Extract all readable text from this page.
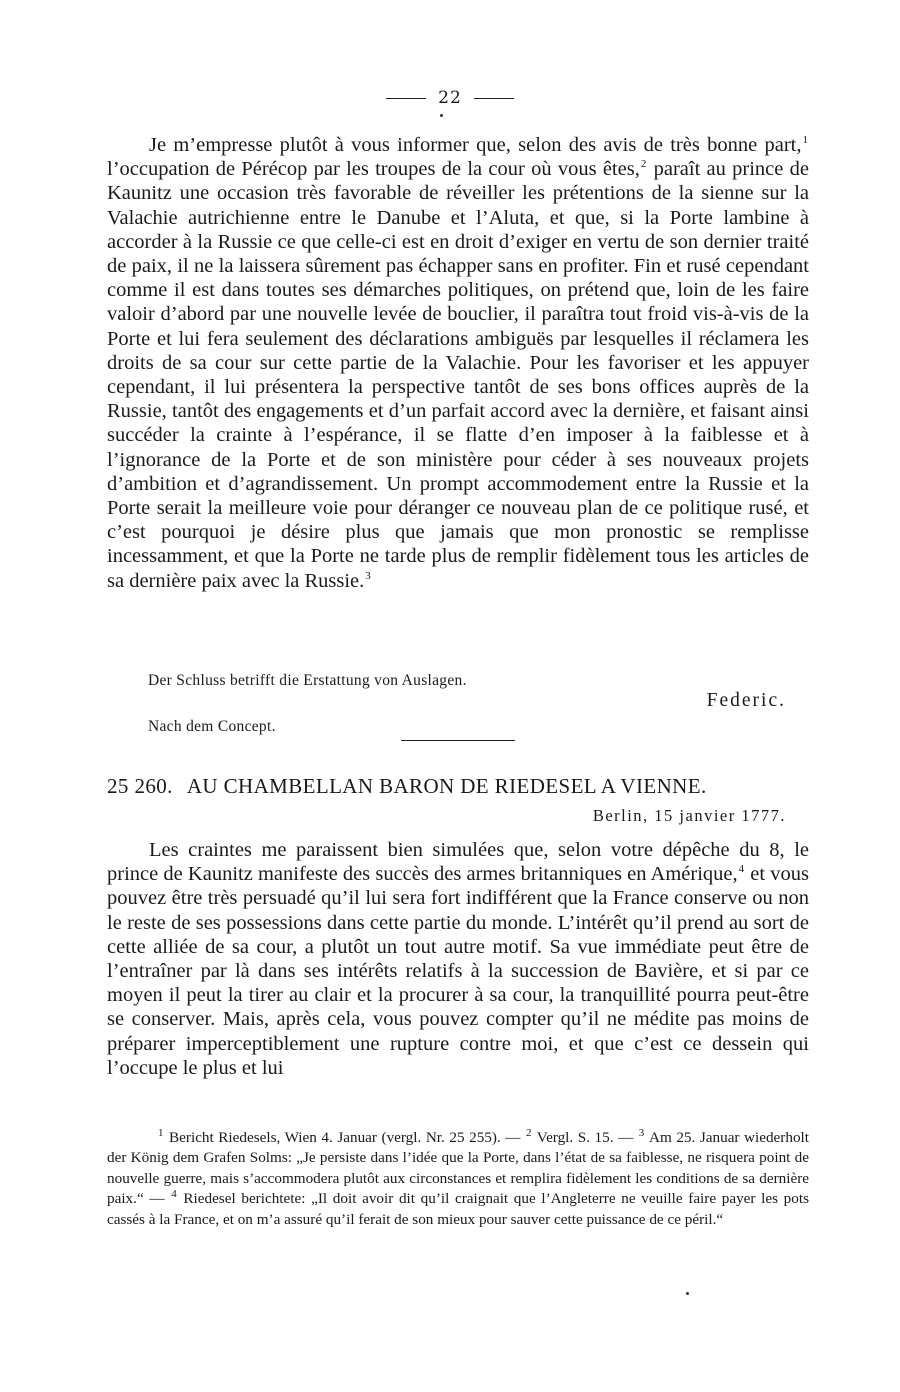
22

Je m’empresse plutôt à vous informer que, selon des avis de très bonne part,$^1$ l’occupation de Pérécop par les troupes de la cour où vous êtes,$^2$ paraît au prince de Kaunitz une occasion très favorable de réveiller les prétentions de la sienne sur la Valachie autrichienne entre le Danube et l’Aluta, et que, si la Porte lambine à accorder à la Russie ce que celle-ci est en droit d’exiger en vertu de son dernier traité de paix, il ne la laissera sûrement pas échapper sans en profiter. Fin et rusé cependant comme il est dans toutes ses démarches politiques, on prétend que, loin de les faire valoir d’abord par une nouvelle levée de bouclier, il paraîtra tout froid vis-à-vis de la Porte et lui fera seulement des déclarations ambiguës par lesquelles il réclamera les droits de sa cour sur cette partie de la Valachie. Pour les favoriser et les appuyer cependant, il lui présentera la perspective tantôt de ses bons offices auprès de la Russie, tantôt des engagements et d’un parfait accord avec la dernière, et faisant ainsi succéder la crainte à l’espérance, il se flatte d’en imposer à la faiblesse et à l’ignorance de la Porte et de son ministère pour céder à ses nouveaux projets d’ambition et d’agrandissement. Un prompt accommodement entre la Russie et la Porte serait la meilleure voie pour déranger ce nouveau plan de ce politique rusé, et c’est pourquoi je désire plus que jamais que mon pronostic se remplisse incessamment, et que la Porte ne tarde plus de remplir fidèlement tous les articles de sa dernière paix avec la Russie.$^3$

Der Schluss betrifft die Erstattung von Auslagen.
Federic.
Nach dem Concept.
25 260. AU CHAMBELLAN BARON DE RIEDESEL A VIENNE.
Berlin, 15 janvier 1777.

Les craintes me paraissent bien simulées que, selon votre dépêche du 8, le prince de Kaunitz manifeste des succès des armes britanniques en Amérique,$^4$ et vous pouvez être très persuadé qu’il lui sera fort indifférent que la France conserve ou non le reste de ses possessions dans cette partie du monde. L’intérêt qu’il prend au sort de cette alliée de sa cour, a plutôt un tout autre motif. Sa vue immédiate peut être de l’entraîner par là dans ses intérêts relatifs à la succession de Bavière, et si par ce moyen il peut la tirer au clair et la procurer à sa cour, la tranquillité pourra peut-être se conserver. Mais, après cela, vous pouvez compter qu’il ne médite pas moins de préparer imperceptiblement une rupture contre moi, et que c’est ce dessein qui l’occupe le plus et lui

$^1$ Bericht Riedesels, Wien 4. Januar (vergl. Nr. 25 255). — $^2$ Vergl. S. 15. — $^3$ Am 25. Januar wiederholt der König dem Grafen Solms: „Je persiste dans l’idée que la Porte, dans l’état de sa faiblesse, ne risquera point de nouvelle guerre, mais s’accommodera plutôt aux circonstances et remplira fidèlement les conditions de sa dernière paix.“ — $^4$ Riedesel berichtete: „Il doit avoir dit qu’il craignait que l’Angleterre ne veuille faire payer les pots cassés à la France, et on m’a assuré qu’il ferait de son mieux pour sauver cette puissance de ce péril.“
